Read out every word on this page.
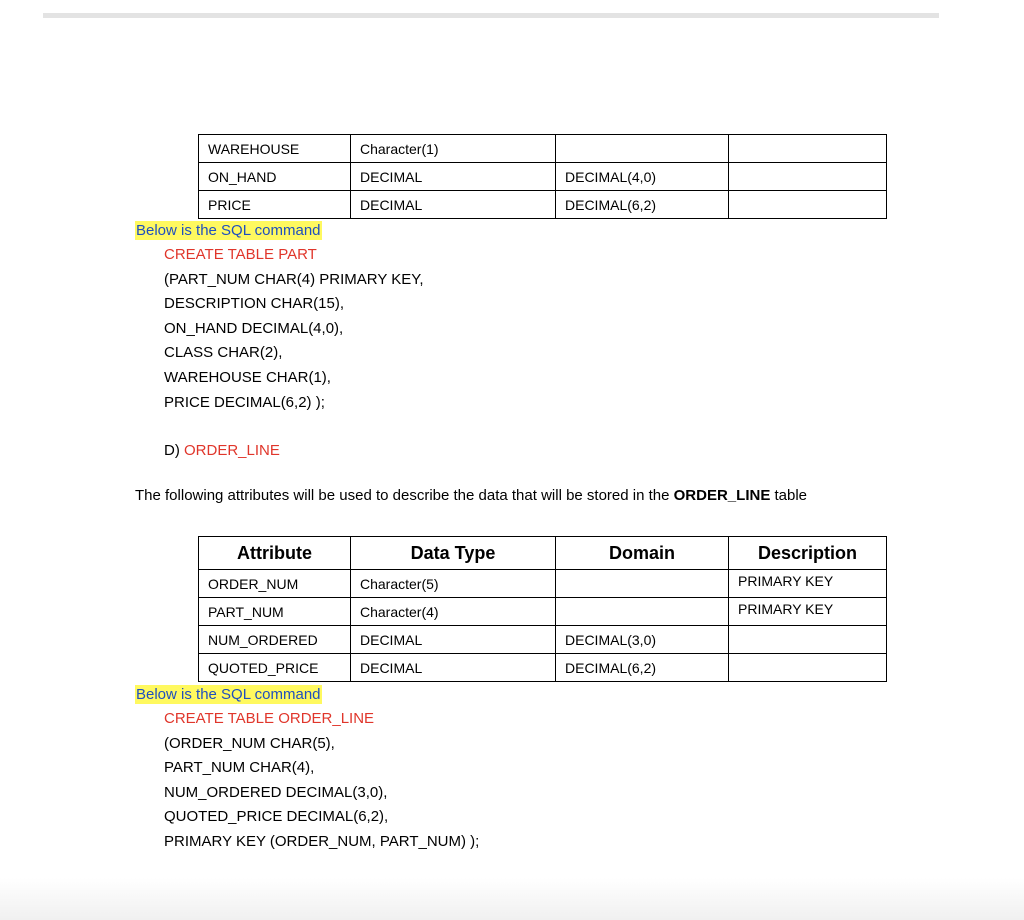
WAREHOUSE	Character(1)		
ON_HAND	DECIMAL	DECIMAL(4,0)	
PRICE	DECIMAL	DECIMAL(6,2)	
Below is the SQL command
CREATE TABLE PART
(PART_NUM CHAR(4) PRIMARY KEY,
DESCRIPTION CHAR(15),
ON_HAND DECIMAL(4,0),
CLASS CHAR(2),
WAREHOUSE CHAR(1),
PRICE DECIMAL(6,2) );
D) ORDER_LINE
The following attributes will be used to describe the data that will be stored in the ORDER_LINE table
Attribute	Data Type	Domain	Description
ORDER_NUM	Character(5)		PRIMARY KEY
PART_NUM	Character(4)		PRIMARY KEY
NUM_ORDERED	DECIMAL	DECIMAL(3,0)	
QUOTED_PRICE	DECIMAL	DECIMAL(6,2)	
Below is the SQL command
CREATE TABLE ORDER_LINE
(ORDER_NUM CHAR(5),
PART_NUM CHAR(4),
NUM_ORDERED DECIMAL(3,0),
QUOTED_PRICE DECIMAL(6,2),
PRIMARY KEY (ORDER_NUM, PART_NUM) );
